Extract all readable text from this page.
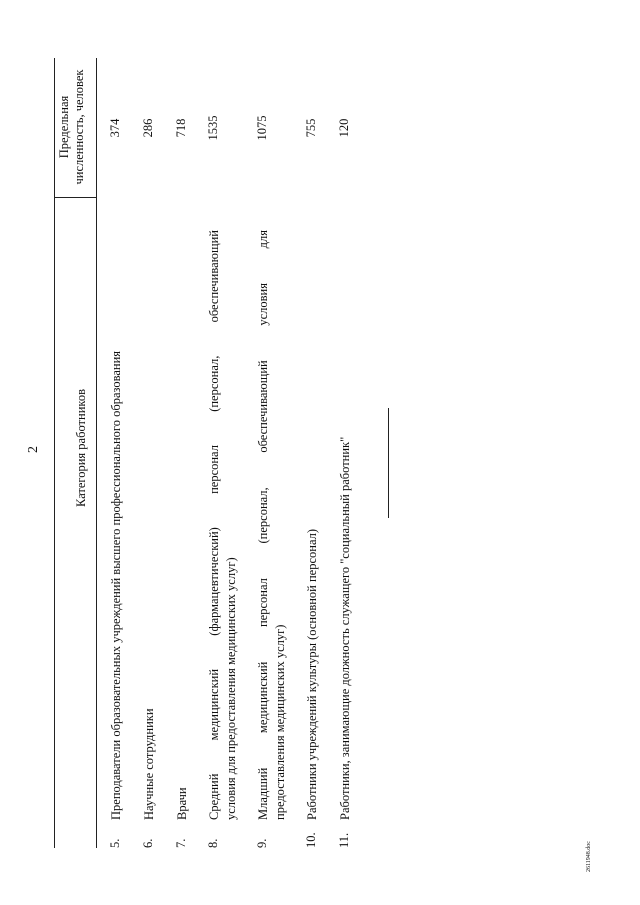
2	Категория работников
Предельная численность, человек
5.
Преподаватели образовательных учреждений высшего профессионального образования
374
6.
Научные сотрудники
286
7.
Врачи
718
8.
Средний медицинский (фармацевтический) персонал (персонал, обеспечивающий условия для предоставления медицинских услуг)
1535
9.
Младший медицинский персонал (персонал, обеспечивающий условия для предоставления медицинских услуг)
1075
10.
Работники учреждений культуры (основной персонал)
755
11.
Работники, занимающие должность служащего "социальный работник"
120
2611948.doc
